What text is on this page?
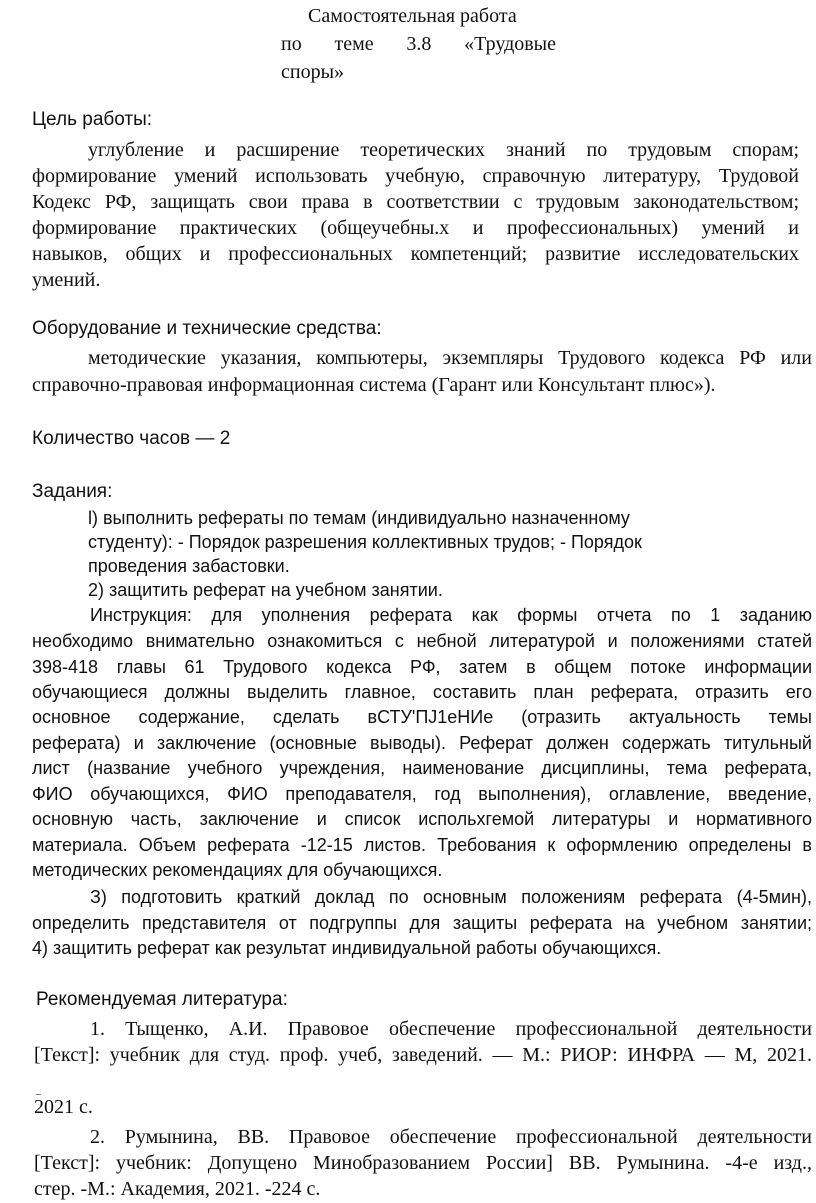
Самостоятельная работа
по теме 3.8 «Трудовые
споры»
Цель работы:
углубление и расширение теоретических знаний по трудовым спорам;
формирование умений использовать учебную, справочную литературу, Трудовой
Кодекс РФ, защищать свои права в соответствии с трудовым законодательством;
формирование практических (общеучебны.х и профессиональных) умений и
навыков, общих и профессиональных компетенций; развитие исследовательских
умений.
Оборудование и технические средства:
методические указания, компьютеры, экземпляры Трудового кодекса РФ или
справочно-правовая информационная система (Гарант или Консультант плюс»).
Количество часов — 2
Задания:
l) выполнить рефераты по темам (индивидуально назначенному
студенту): - Порядок разрешения коллективных трудов; - Порядок
проведения забастовки.
2) защитить реферат на учебном занятии.
Инструкция: для уполнения реферата как формы отчета по 1 заданию
необходимо внимательно ознакомиться с небной литературой и положениями статей
398-418 главы 61 Трудового кодекса РФ, затем в общем потоке информации
обучающиеся должны выделить главное, составить план реферата, отразить его
основное содержание, сделать вСТУ'ПJ1еНИе (отразить актуальность темы
реферата) и заключение (основные выводы). Реферат должен содержать титульный
лист (название учебного учреждения, наименование дисциплины, тема реферата,
ФИО обучающихся, ФИО преподавателя, год выполнения), оглавление, введение,
основную часть, заключение и список испольхгемой литературы и нормативного
материала. Объем реферата -12-15 листов. Требования к оформлению определены в
методических рекомендациях для обучающихся.
З) подготовить краткий доклад по основным положениям реферата (4-5мин),
определить представителя от подгруппы для защиты реферата на учебном занятии;
4) защитить реферат как результат индивидуальной работы обучающихся.
Рекомендуемая литература:
1. Тыщенко, А.И. Правовое обеспечение профессиональной деятельности
[Текст]: учебник для студ. проф. учеб, заведений. — М.: РИОР: ИНФРА — М, 2021.
2021 с.
2. Румынина, ВВ. Правовое обеспечение профессиональной деятельности
[Текст]: учебник: Допущено Минобразованием России] ВВ. Румынина. -4-е изд.,
стер. -М.: Академия, 2021. -224 с.
